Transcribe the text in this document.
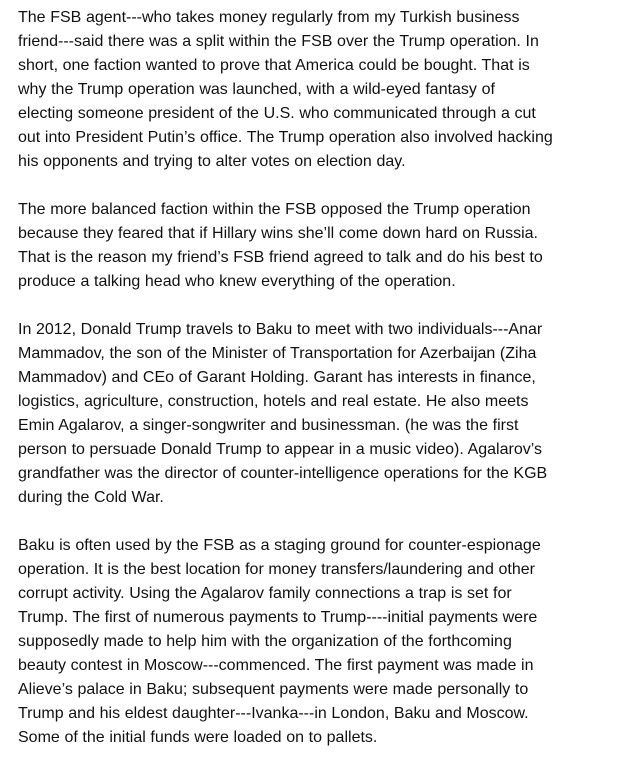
The FSB agent---who takes money regularly from my Turkish business
friend---said there was a split within the FSB over the Trump operation. In
short, one faction wanted to prove that America could be bought. That is
why the Trump operation was launched, with a wild-eyed fantasy of
electing someone president of the U.S. who communicated through a cut
out into President Putin’s office. The Trump operation also involved hacking
his opponents and trying to alter votes on election day.

The more balanced faction within the FSB opposed the Trump operation
because they feared that if Hillary wins she’ll come down hard on Russia.
That is the reason my friend’s FSB friend agreed to talk and do his best to
produce a talking head who knew everything of the operation.

In 2012, Donald Trump travels to Baku to meet with two individuals---Anar
Mammadov, the son of the Minister of Transportation for Azerbaijan (Ziha
Mammadov) and CEo of Garant Holding. Garant has interests in finance,
logistics, agriculture, construction, hotels and real estate. He also meets
Emin Agalarov, a singer-songwriter and businessman. (he was the first
person to persuade Donald Trump to appear in a music video). Agalarov’s
grandfather was the director of counter-intelligence operations for the KGB
during the Cold War.

Baku is often used by the FSB as a staging ground for counter-espionage
operation. It is the best location for money transfers/laundering and other
corrupt activity. Using the Agalarov family connections a trap is set for
Trump. The first of numerous payments to Trump----initial payments were
supposedly made to help him with the organization of the forthcoming
beauty contest in Moscow---commenced. The first payment was made in
Alieve’s palace in Baku; subsequent payments were made personally to
Trump and his eldest daughter---Ivanka---in London, Baku and Moscow.
Some of the initial funds were loaded on to pallets.
